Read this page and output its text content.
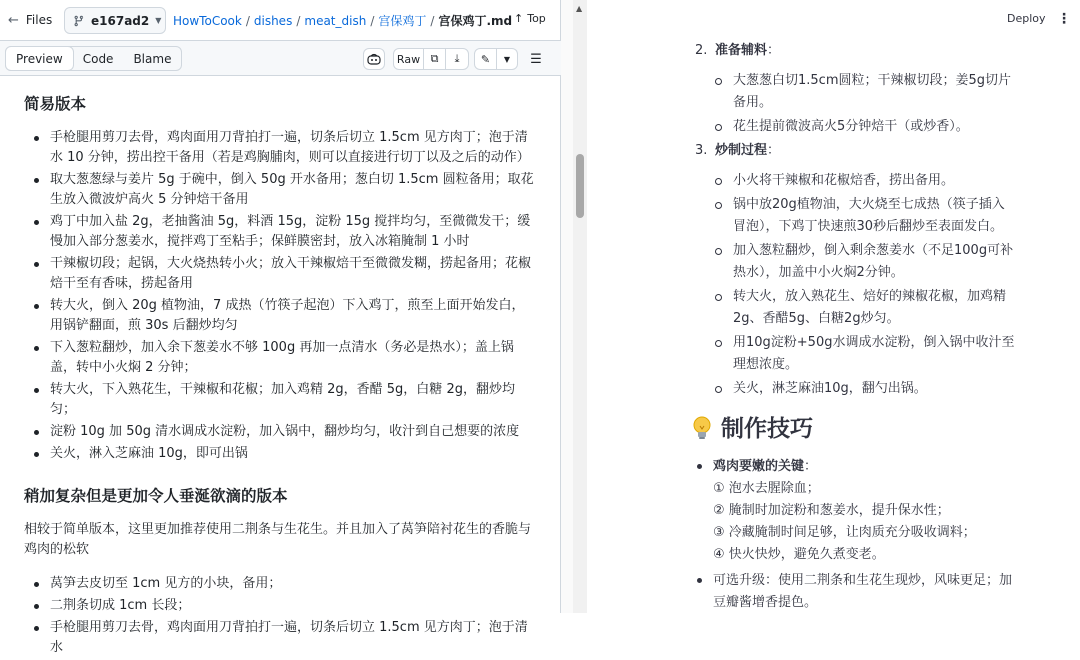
← Files	e167ad2 ▼ HowToCook / dishes / meat_dish / 宫保鸡丁 / 宫保鸡丁.md ↑ Top
Preview	Code	Blame	Raw ⧉ ⤓ ✎ ▼ ☰
简易版本
手枪腿用剪刀去骨，鸡肉面用刀背拍打一遍，切条后切立 1.5cm 见方肉丁；泡于清水 10 分钟，捞出控干备用（若是鸡胸脯肉，则可以直接进行切丁以及之后的动作）
取大葱葱绿与姜片 5g 于碗中，倒入 50g 开水备用；葱白切 1.5cm 圆粒备用；取花生放入微波炉高火 5 分钟焙干备用
鸡丁中加入盐 2g，老抽酱油 5g，料酒 15g，淀粉 15g 搅拌均匀，至微微发干；缓慢加入部分葱姜水，搅拌鸡丁至粘手；保鲜膜密封，放入冰箱腌制 1 小时
干辣椒切段；起锅，大火烧热转小火；放入干辣椒焙干至微微发糊，捞起备用；花椒焙干至有香味，捞起备用
转大火，倒入 20g 植物油，7 成热（竹筷子起泡）下入鸡丁，煎至上面开始发白，用锅铲翻面，煎 30s 后翻炒均匀
下入葱粒翻炒，加入余下葱姜水不够 100g 再加一点清水（务必是热水）；盖上锅盖，转中小火焖 2 分钟；
转大火，下入熟花生，干辣椒和花椒；加入鸡精 2g，香醋 5g，白糖 2g，翻炒均匀；
淀粉 10g 加 50g 清水调成水淀粉，加入锅中，翻炒均匀，收汁到自己想要的浓度
关火，淋入芝麻油 10g，即可出锅
稍加复杂但是更加令人垂涎欲滴的版本

相较于简单版本，这里更加推荐使用二荆条与生花生。并且加入了莴笋陪衬花生的香脆与鸡肉的松软

莴笋去皮切至 1cm 见方的小块，备用；
二荆条切成 1cm 长段；
手枪腿用剪刀去骨，鸡肉面用刀背拍打一遍，切条后切立 1.5cm 见方肉丁；泡于清水
▲
Deploy ⋮
2. 准备辅料：
大葱葱白切1.5cm圆粒；干辣椒切段；姜5g切片备用。
花生提前微波高火5分钟焙干（或炒香）。
3. 炒制过程：
小火将干辣椒和花椒焙香，捞出备用。
锅中放20g植物油，大火烧至七成热（筷子插入冒泡），下鸡丁快速煎30秒后翻炒至表面发白。
加入葱粒翻炒，倒入剩余葱姜水（不足100g可补热水），加盖中小火焖2分钟。
转大火，放入熟花生、焙好的辣椒花椒，加鸡精2g、香醋5g、白糖2g炒匀。
用10g淀粉+50g水调成水淀粉，倒入锅中收汁至理想浓度。
关火，淋芝麻油10g，翻勺出锅。
制作技巧
鸡肉要嫩的关键：
① 泡水去腥除血；
② 腌制时加淀粉和葱姜水，提升保水性；
③ 冷藏腌制时间足够，让肉质充分吸收调料；
④ 快火快炒，避免久煮变老。
可选升级：使用二荆条和生花生现炒，风味更足；加豆瓣酱增香提色。
